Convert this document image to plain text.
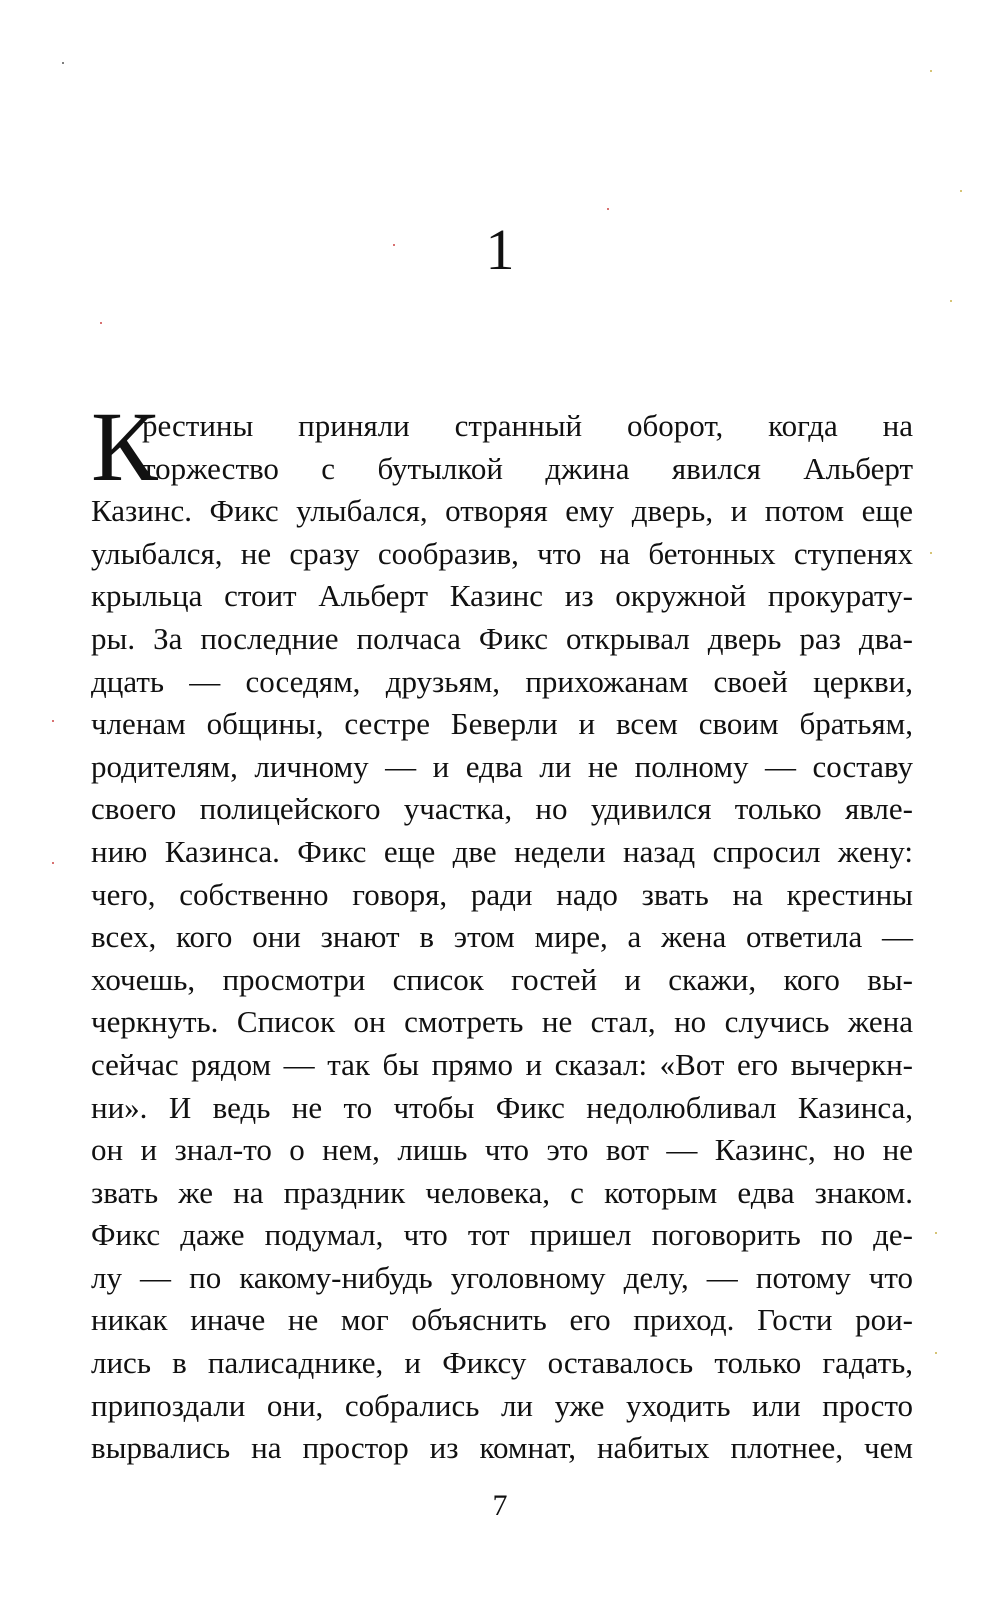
1
К
рестины приняли странный оборот, когда на
торжество с бутылкой джина явился Альберт
Казинс. Фикс улыбался, отворяя ему дверь, и потом еще
улыбался, не сразу сообразив, что на бетонных ступенях
крыльца стоит Альберт Казинс из окружной прокурату-
ры. За последние полчаса Фикс открывал дверь раз два-
дцать — соседям, друзьям, прихожанам своей церкви,
членам общины, сестре Беверли и всем своим братьям,
родителям, личному — и едва ли не полному — составу
своего полицейского участка, но удивился только явле-
нию Казинса. Фикс еще две недели назад спросил жену:
чего, собственно говоря, ради надо звать на крестины
всех, кого они знают в этом мире, а жена ответила —
хочешь, просмотри список гостей и скажи, кого вы-
черкнуть. Список он смотреть не стал, но случись жена
сейчас рядом — так бы прямо и сказал: «Вот его вычеркн-
ни». И ведь не то чтобы Фикс недолюбливал Казинса,
он и знал-то о нем, лишь что это вот — Казинс, но не
звать же на праздник человека, с которым едва знаком.
Фикс даже подумал, что тот пришел поговорить по де-
лу — по какому-нибудь уголовному делу, — потому что
никак иначе не мог объяснить его приход. Гости рои-
лись в палисаднике, и Фиксу оставалось только гадать,
припоздали они, собрались ли уже уходить или просто
вырвались на простор из комнат, набитых плотнее, чем
7
